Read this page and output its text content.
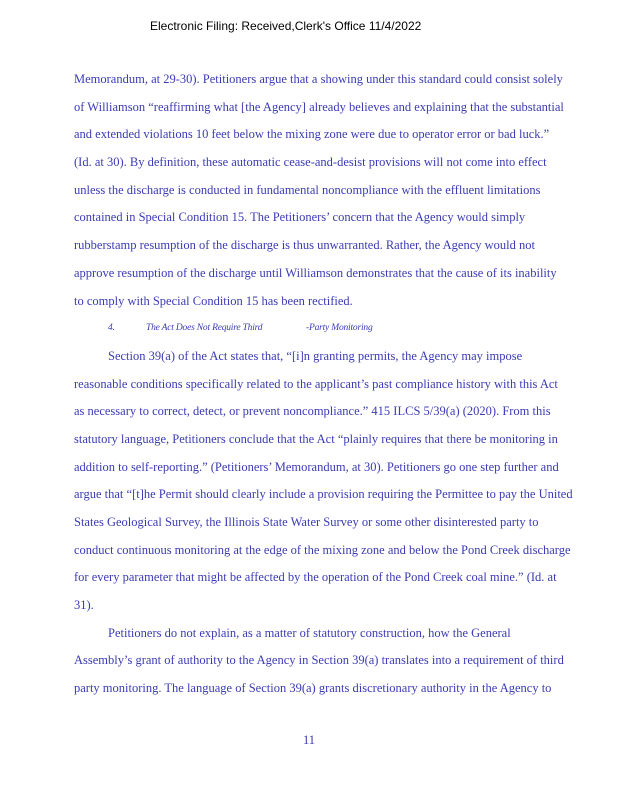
Electronic Filing: Received,Clerk's Office 11/4/2022
Memorandum, at 29-30). Petitioners argue that a showing under this standard could consist solely
of Williamson “reaffirming what [the Agency] already believes and explaining that the substantial
and extended violations 10 feet below the mixing zone were due to operator error or bad luck.”
(Id. at 30). By definition, these automatic cease-and-desist provisions will not come into effect
unless the discharge is conducted in fundamental noncompliance with the effluent limitations
contained in Special Condition 15. The Petitioners’ concern that the Agency would simply
rubberstamp resumption of the discharge is thus unwarranted. Rather, the Agency would not
approve resumption of the discharge until Williamson demonstrates that the cause of its inability
to comply with Special Condition 15 has been rectified.
4.	The Act Does Not Require Third	-Party Monitoring
Section 39(a) of the Act states that, “[i]n granting permits, the Agency may impose
reasonable conditions specifically related to the applicant’s past compliance history with this Act
as necessary to correct, detect, or prevent noncompliance.” 415 ILCS 5/39(a) (2020). From this
statutory language, Petitioners conclude that the Act “plainly requires that there be monitoring in
addition to self-reporting.” (Petitioners’ Memorandum, at 30). Petitioners go one step further and
argue that “[t]he Permit should clearly include a provision requiring the Permittee to pay the United
States Geological Survey, the Illinois State Water Survey or some other disinterested party to
conduct continuous monitoring at the edge of the mixing zone and below the Pond Creek discharge
for every parameter that might be affected by the operation of the Pond Creek coal mine.” (Id. at
31).
Petitioners do not explain, as a matter of statutory construction, how the General
Assembly’s grant of authority to the Agency in Section 39(a) translates into a requirement of third
party monitoring. The language of Section 39(a) grants discretionary authority in the Agency to
11
